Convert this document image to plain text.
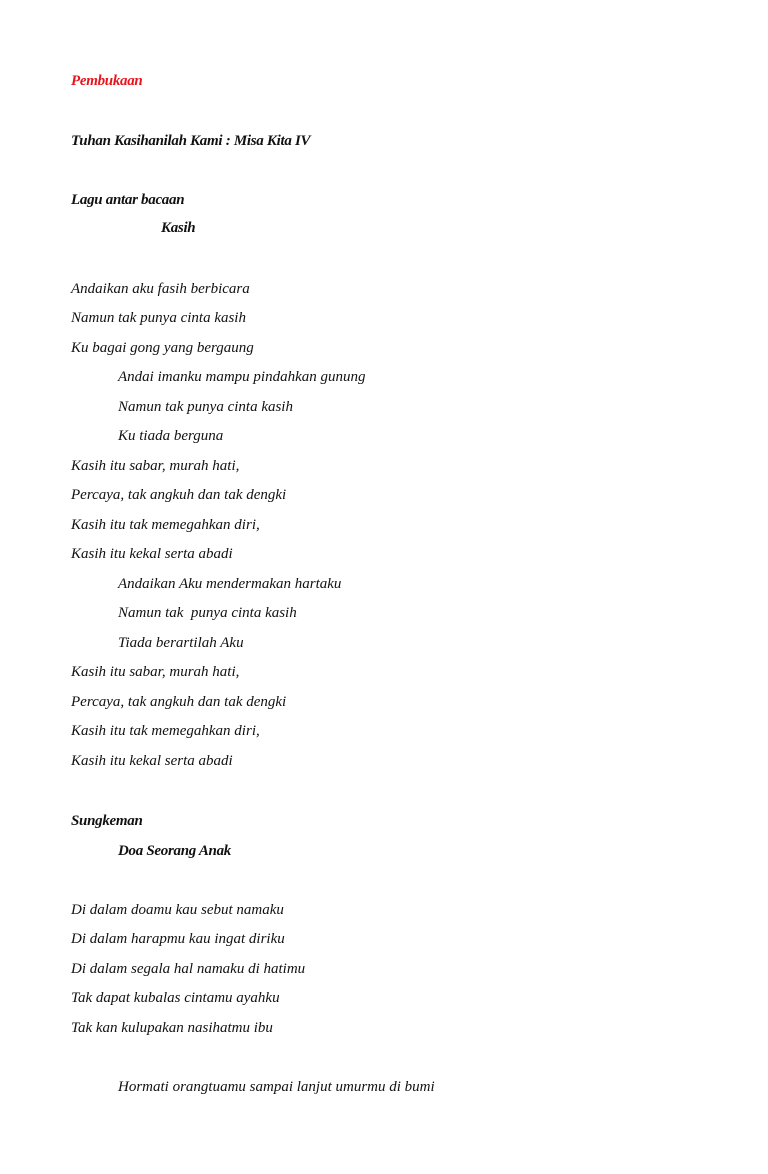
Pembukaan
Tuhan Kasihanilah Kami : Misa Kita IV
Lagu antar bacaan
Kasih
Andaikan aku fasih berbicara
Namun tak punya cinta kasih
Ku bagai gong yang bergaung
Andai imanku mampu pindahkan gunung
Namun tak punya cinta kasih
Ku tiada berguna
Kasih itu sabar, murah hati,
Percaya, tak angkuh dan tak dengki
Kasih itu tak memegahkan diri,
Kasih itu kekal serta abadi
Andaikan Aku mendermakan hartaku
Namun tak  punya cinta kasih
Tiada berartilah Aku
Kasih itu sabar, murah hati,
Percaya, tak angkuh dan tak dengki
Kasih itu tak memegahkan diri,
Kasih itu kekal serta abadi
Sungkeman
Doa Seorang Anak
Di dalam doamu kau sebut namaku
Di dalam harapmu kau ingat diriku
Di dalam segala hal namaku di hatimu
Tak dapat kubalas cintamu ayahku
Tak kan kulupakan nasihatmu ibu
Hormati orangtuamu sampai lanjut umurmu di bumi
